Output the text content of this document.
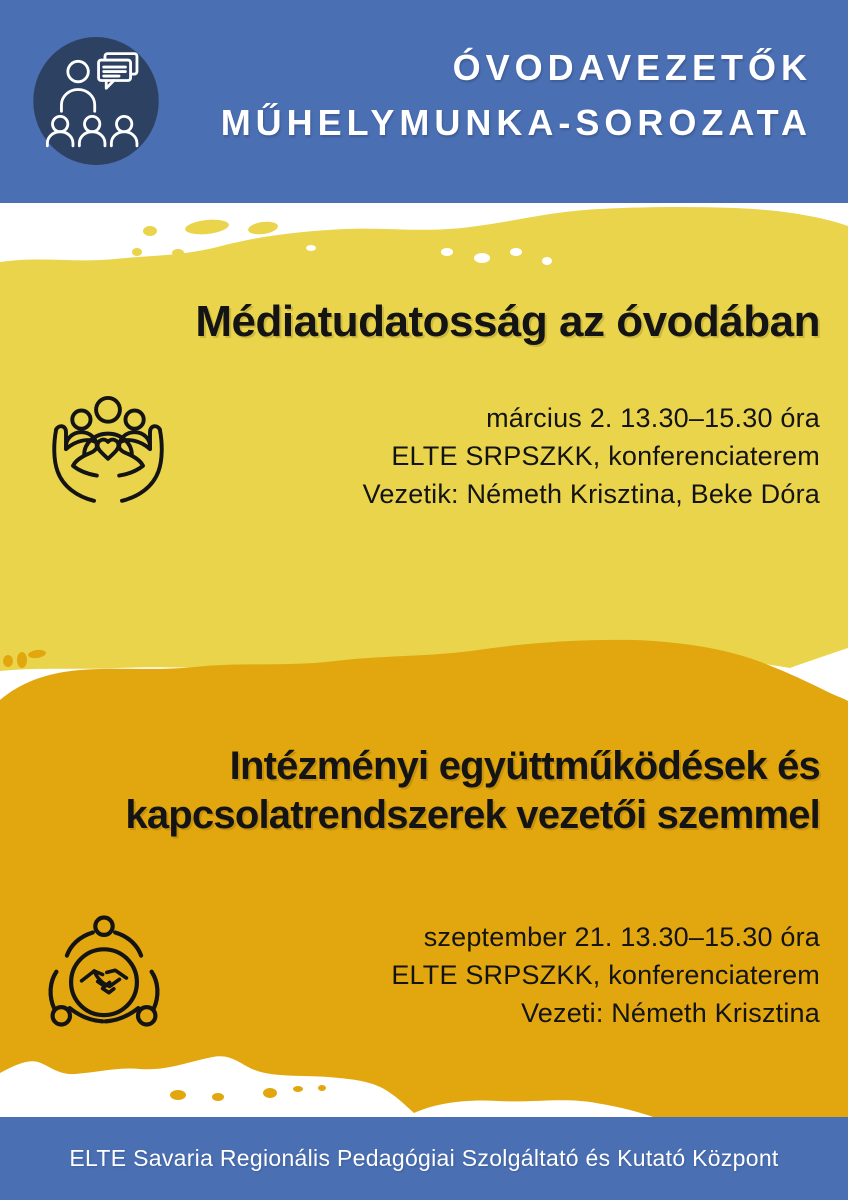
ÓVODAVEZETŐK
MŰHELYMUNKA-SOROZATA
Médiatudatosság az óvodában
március 2. 13.30–15.30 óra
ELTE SRPSZKK, konferenciaterem
Vezetik: Németh Krisztina, Beke Dóra
Intézményi együttműködések és
kapcsolatrendszerek vezetői szemmel
szeptember 21. 13.30–15.30 óra
ELTE SRPSZKK, konferenciaterem
Vezeti: Németh Krisztina
ELTE Savaria Regionális Pedagógiai Szolgáltató és Kutató Központ
